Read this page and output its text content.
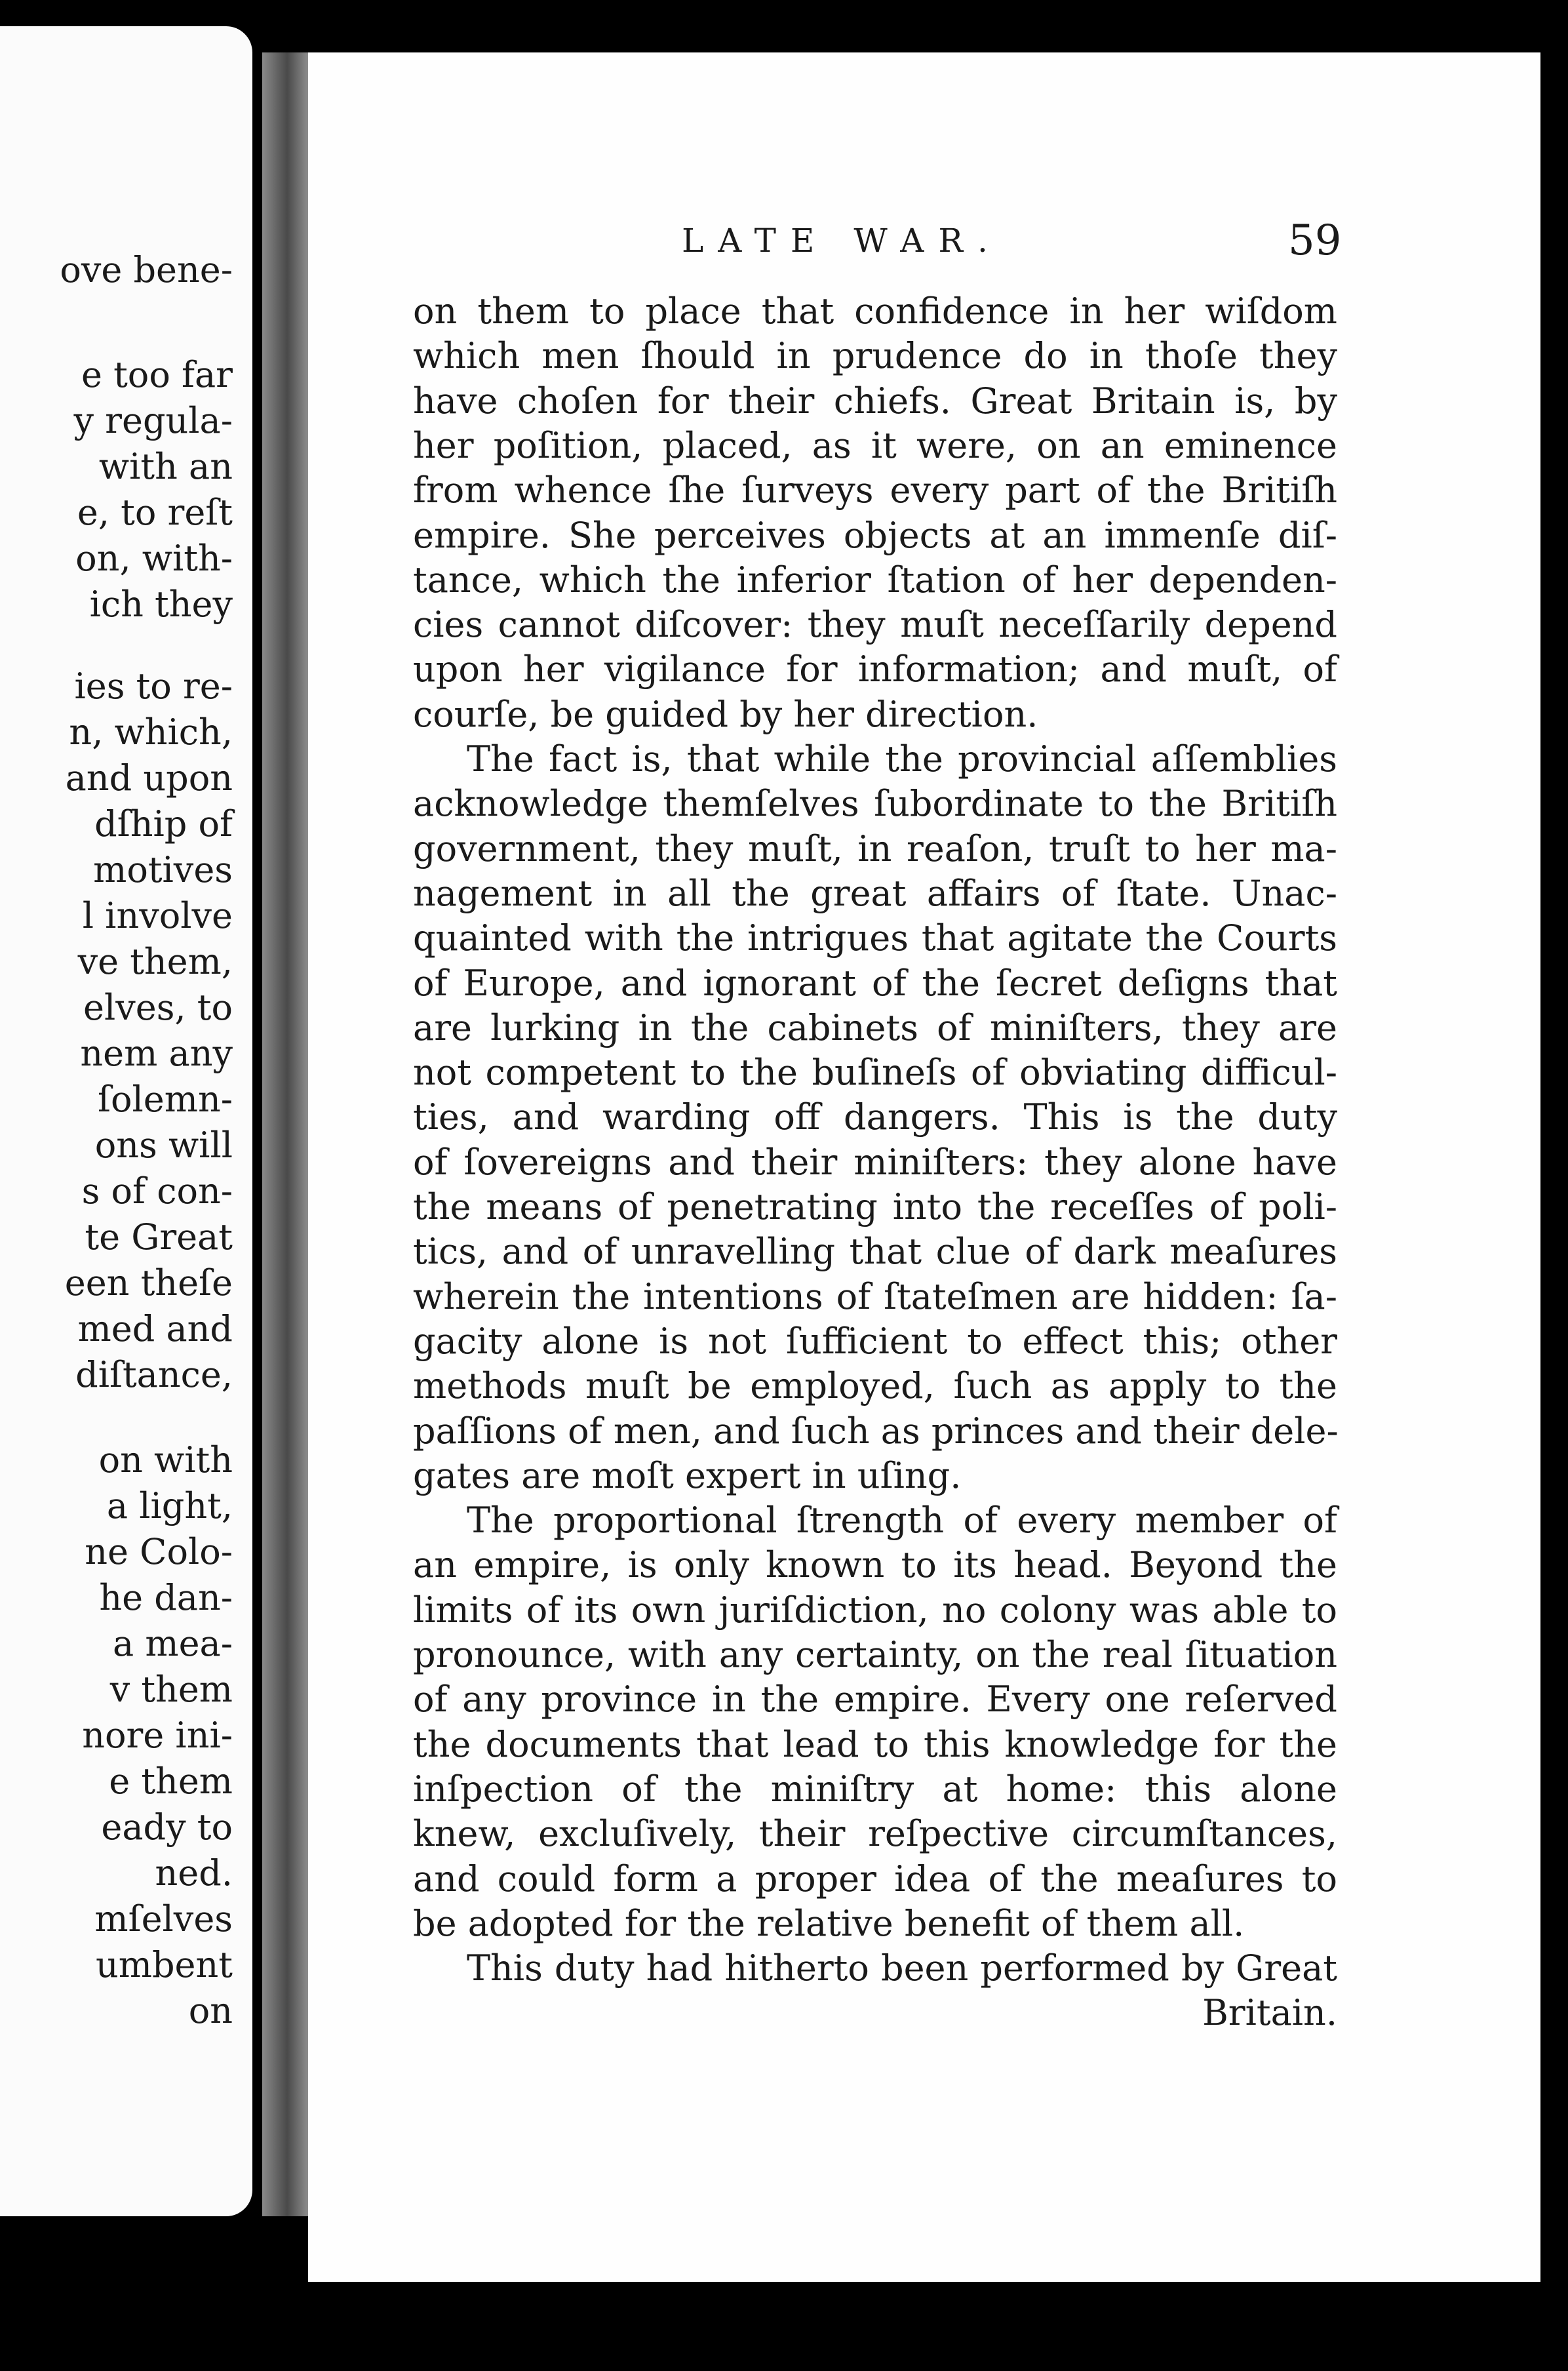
ove bene-
e too far
y regula-
with an
e, to reſt
on, with-
ich they
ies to re-
n, which,
and upon
dſhip of
motives
l involve
ve them,
elves, to
nem any
ſolemn-
ons will
s of con-
te Great
een theſe
med and
diſtance,
on with
a light,
ne Colo-
he dan-
a mea-
v them
nore ini-
e them
eady to
ned.
mſelves
umbent
on
LATE WAR.	59
on them to place that confidence in her wiſdom
which men ſhould in prudence do in thoſe they
have choſen for their chiefs. Great Britain is, by
her poſition, placed, as it were, on an eminence
from whence ſhe ſurveys every part of the Britiſh
empire. She perceives objects at an immenſe diſ-
tance, which the inferior ſtation of her dependen-
cies cannot diſcover: they muſt neceſſarily depend
upon her vigilance for information; and muſt, of
courſe, be guided by her direction.
The fact is, that while the provincial aſſemblies
acknowledge themſelves ſubordinate to the Britiſh
government, they muſt, in reaſon, truſt to her ma-
nagement in all the great affairs of ſtate. Unac-
quainted with the intrigues that agitate the Courts
of Europe, and ignorant of the ſecret deſigns that
are lurking in the cabinets of miniſters, they are
not competent to the buſineſs of obviating difficul-
ties, and warding off dangers. This is the duty
of ſovereigns and their miniſters: they alone have
the means of penetrating into the receſſes of poli-
tics, and of unravelling that clue of dark meaſures
wherein the intentions of ſtateſmen are hidden: ſa-
gacity alone is not ſufficient to effect this; other
methods muſt be employed, ſuch as apply to the
paſſions of men, and ſuch as princes and their dele-
gates are moſt expert in uſing.
The proportional ſtrength of every member of
an empire, is only known to its head. Beyond the
limits of its own juriſdiction, no colony was able to
pronounce, with any certainty, on the real ſituation
of any province in the empire. Every one reſerved
the documents that lead to this knowledge for the
inſpection of the miniſtry at home: this alone
knew, excluſively, their reſpective circumſtances,
and could form a proper idea of the meaſures to
be adopted for the relative benefit of them all.
This duty had hitherto been performed by Great
Britain.
